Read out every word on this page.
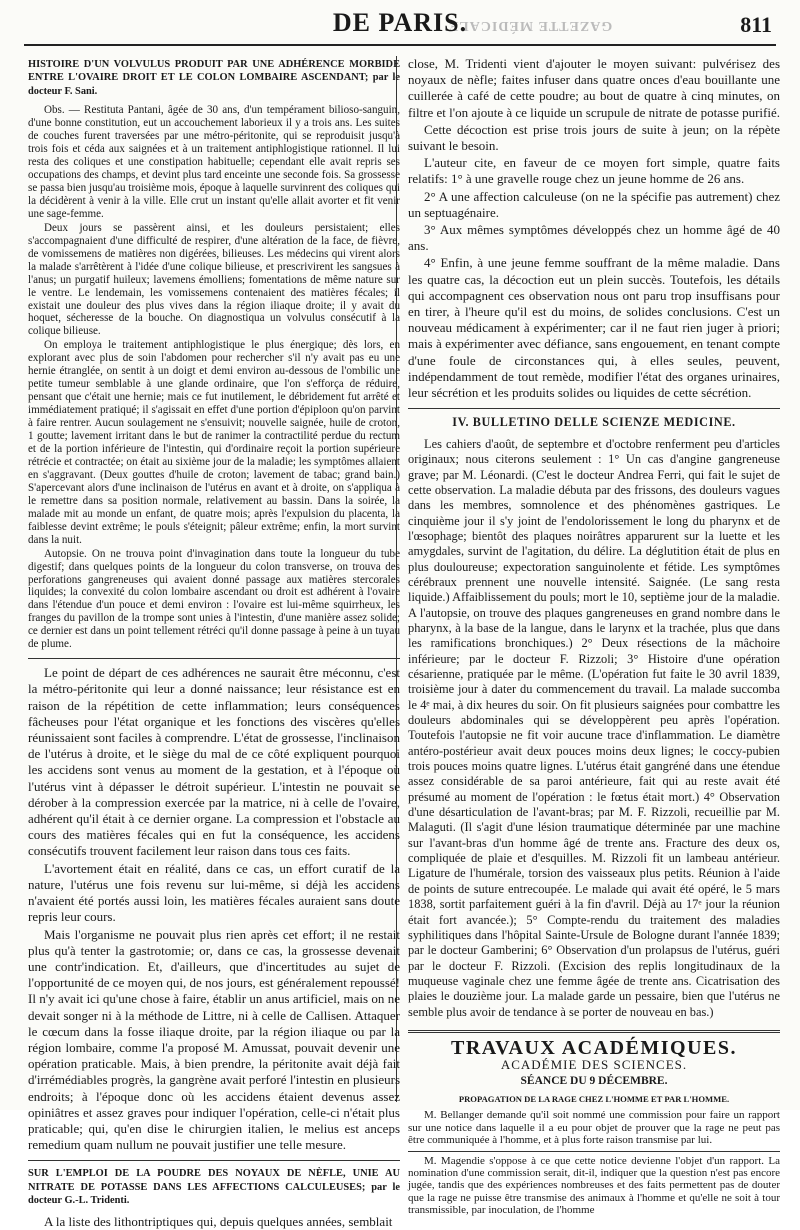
GAZETTE MÉDICALE
DE PARIS.	811
HISTOIRE D'UN VOLVULUS PRODUIT PAR UNE ADHÉRENCE MORBIDE ENTRE L'OVAIRE DROIT ET LE COLON LOMBAIRE ASCENDANT; par le docteur F. Sani.

Obs. — Restituta Pantani, âgée de 30 ans, d'un tempérament bilioso-sanguin, d'une bonne constitution, eut un accouchement laborieux il y a trois ans. Les suites de couches furent traversées par une métro-péritonite, qui se reproduisit jusqu'à trois fois et céda aux saignées et à un traitement antiphlogistique rationnel. Il lui resta des coliques et une constipation habituelle; cependant elle avait repris ses occupations des champs, et devint plus tard enceinte une seconde fois. Sa grossesse se passa bien jusqu'au troisième mois, époque à laquelle survinrent des coliques qui la décidèrent à venir à la ville. Elle crut un instant qu'elle allait avorter et fit venir une sage-femme.

Deux jours se passèrent ainsi, et les douleurs persistaient; elles s'accompagnaient d'une difficulté de respirer, d'une altération de la face, de fièvre, de vomissemens de matières non digérées, bilieuses. Les médecins qui virent alors la malade s'arrêtèrent à l'idée d'une colique bilieuse, et prescrivirent les sangsues à l'anus; un purgatif huileux; lavemens émolliens; fomentations de même nature sur le ventre. Le lendemain, les vomissemens contenaient des matières fécales; il existait une douleur des plus vives dans la région iliaque droite; il y avait du hoquet, sécheresse de la bouche. On diagnostiqua un volvulus consécutif à la colique bilieuse.

On employa le traitement antiphlogistique le plus énergique; dès lors, en explorant avec plus de soin l'abdomen pour rechercher s'il n'y avait pas eu une hernie étranglée, on sentit à un doigt et demi environ au-dessous de l'ombilic une petite tumeur semblable à une glande ordinaire, que l'on s'efforça de réduire, pensant que c'était une hernie; mais ce fut inutilement, le débridement fut arrêté et immédiatement pratiqué; il s'agissait en effet d'une portion d'épiploon qu'on parvint à faire rentrer. Aucun soulagement ne s'ensuivit; nouvelle saignée, huile de croton, 1 goutte; lavement irritant dans le but de ranimer la contractilité perdue du rectum et de la portion inférieure de l'intestin, qui d'ordinaire reçoit la portion supérieure rétrécie et contractée; on était au sixième jour de la maladie; les symptômes allaient en s'aggravant. (Deux gouttes d'huile de croton; lavement de tabac; grand bain.) S'apercevant alors d'une inclinaison de l'utérus en avant et à droite, on s'appliqua à le remettre dans sa position normale, relativement au bassin. Dans la soirée, la malade mit au monde un enfant, de quatre mois; après l'expulsion du placenta, la faiblesse devint extrême; le pouls s'éteignit; pâleur extrême; enfin, la mort survint dans la nuit.

Autopsie. On ne trouva point d'invagination dans toute la longueur du tube digestif; dans quelques points de la longueur du colon transverse, on trouva des perforations gangreneuses qui avaient donné passage aux matières stercorales liquides; la convexité du colon lombaire ascendant ou droit est adhérent à l'ovaire dans l'étendue d'un pouce et demi environ : l'ovaire est lui-même squirrheux, les franges du pavillon de la trompe sont unies à l'intestin, d'une manière assez solide; ce dernier est dans un point tellement rétréci qu'il donne passage à peine à un tuyau de plume.

Le point de départ de ces adhérences ne saurait être méconnu, c'est la métro-péritonite qui leur a donné naissance; leur résistance est en raison de la répétition de cette inflammation; leurs conséquences fâcheuses pour l'état organique et les fonctions des viscères qu'elles réunissaient sont faciles à comprendre. L'état de grossesse, l'inclinaison de l'utérus à droite, et le siège du mal de ce côté expliquent pourquoi les accidens sont venus au moment de la gestation, et à l'époque où l'utérus vint à dépasser le détroit supérieur. L'intestin ne pouvait se dérober à la compression exercée par la matrice, ni à celle de l'ovaire, adhérent qu'il était à ce dernier organe. La compression et l'obstacle au cours des matières fécales qui en fut la conséquence, les accidens consécutifs trouvent facilement leur raison dans tous ces faits.

L'avortement était en réalité, dans ce cas, un effort curatif de la nature, l'utérus une fois revenu sur lui-même, si déjà les accidens n'avaient été portés aussi loin, les matières fécales auraient sans doute repris leur cours.

Mais l'organisme ne pouvait plus rien après cet effort; il ne restait plus qu'à tenter la gastrotomie; or, dans ce cas, la grossesse devenait une contr'indication. Et, d'ailleurs, que d'incertitudes au sujet de l'opportunité de ce moyen qui, de nos jours, est généralement repoussé! Il n'y avait ici qu'une chose à faire, établir un anus artificiel, mais on ne devait songer ni à la méthode de Littre, ni à celle de Callisen. Attaquer le cœcum dans la fosse iliaque droite, par la région iliaque ou par la région lombaire, comme l'a proposé M. Amussat, pouvait devenir une opération praticable. Mais, à bien prendre, la péritonite avait déjà fait d'irrémédiables progrès, la gangrène avait perforé l'intestin en plusieurs endroits; à l'époque donc où les accidens étaient devenus assez opiniâtres et assez graves pour indiquer l'opération, celle-ci n'était plus praticable; qui, qu'en dise le chirurgien italien, le melius est anceps remedium quam nullum ne pouvait justifier une telle mesure.

SUR L'EMPLOI DE LA POUDRE DES NOYAUX DE NÈFLE, UNIE AU NITRATE DE POTASSE DANS LES AFFECTIONS CALCULEUSES; par le docteur G.-L. Tridenti.

A la liste des lithontriptiques qui, depuis quelques années, semblait

close, M. Tridenti vient d'ajouter le moyen suivant: pulvérisez des noyaux de nèfle; faites infuser dans quatre onces d'eau bouillante une cuillerée à café de cette poudre; au bout de quatre à cinq minutes, on filtre et l'on ajoute à ce liquide un scrupule de nitrate de potasse purifié.

Cette décoction est prise trois jours de suite à jeun; on la répète suivant le besoin.

L'auteur cite, en faveur de ce moyen fort simple, quatre faits relatifs: 1° à une gravelle rouge chez un jeune homme de 26 ans.

2° A une affection calculeuse (on ne la spécifie pas autrement) chez un septuagénaire.

3° Aux mêmes symptômes développés chez un homme âgé de 40 ans.

4° Enfin, à une jeune femme souffrant de la même maladie. Dans les quatre cas, la décoction eut un plein succès. Toutefois, les détails qui accompagnent ces observation nous ont paru trop insuffisans pour en tirer, à l'heure qu'il est du moins, de solides conclusions. C'est un nouveau médicament à expérimenter; car il ne faut rien juger à priori; mais à expérimenter avec défiance, sans engouement, en tenant compte d'une foule de circonstances qui, à elles seules, peuvent, indépendamment de tout remède, modifier l'état des organes urinaires, leur sécrétion et les produits solides ou liquides de cette sécrétion.

IV. BULLETINO DELLE SCIENZE MEDICINE.

Les cahiers d'août, de septembre et d'octobre renferment peu d'articles originaux; nous citerons seulement : 1° Un cas d'angine gangreneuse grave; par M. Léonardi. (C'est le docteur Andrea Ferri, qui fait le sujet de cette observation. La maladie débuta par des frissons, des douleurs vagues dans les membres, somnolence et des phénomènes gastriques. Le cinquième jour il s'y joint de l'endolorissement le long du pharynx et de l'œsophage; bientôt des plaques noirâtres apparurent sur la luette et les amygdales, survint de l'agitation, du délire. La déglutition était de plus en plus douloureuse; expectoration sanguinolente et fétide. Les symptômes cérébraux prennent une nouvelle intensité. Saignée. (Le sang resta liquide.) Affaiblissement du pouls; mort le 10, septième jour de la maladie. A l'autopsie, on trouve des plaques gangreneuses en grand nombre dans le pharynx, à la base de la langue, dans le larynx et la trachée, plus que dans les ramifications bronchiques.) 2° Deux résections de la mâchoire inférieure; par le docteur F. Rizzoli; 3° Histoire d'une opération césarienne, pratiquée par le même. (L'opération fut faite le 30 avril 1839, troisième jour à dater du commencement du travail. La malade succomba le 4ᵉ mai, à dix heures du soir. On fit plusieurs saignées pour combattre les douleurs abdominales qui se développèrent peu après l'opération. Toutefois l'autopsie ne fit voir aucune trace d'inflammation. Le diamètre antéro-postérieur avait deux pouces moins deux lignes; le coccy-pubien trois pouces moins quatre lignes. L'utérus était gangréné dans une étendue assez considérable de sa paroi antérieure, fait qui au reste avait été présumé au moment de l'opération : le fœtus était mort.) 4° Observation d'une désarticulation de l'avant-bras; par M. F. Rizzoli, recueillie par M. Malaguti. (Il s'agit d'une lésion traumatique déterminée par une machine sur l'avant-bras d'un homme âgé de trente ans. Fracture des deux os, compliquée de plaie et d'esquilles. M. Rizzoli fit un lambeau antérieur. Ligature de l'humérale, torsion des vaisseaux plus petits. Réunion à l'aide de points de suture entrecoupée. Le malade qui avait été opéré, le 5 mars 1838, sortit parfaitement guéri à la fin d'avril. Déjà au 17ᵉ jour la réunion était fort avancée.); 5° Compte-rendu du traitement des maladies syphilitiques dans l'hôpital Sainte-Ursule de Bologne durant l'année 1839; par le docteur Gamberini; 6° Observation d'un prolapsus de l'utérus, guéri par le docteur F. Rizzoli. (Excision des replis longitudinaux de la muqueuse vaginale chez une femme âgée de trente ans. Cicatrisation des plaies le douzième jour. La malade garde un pessaire, bien que l'utérus ne semble plus avoir de tendance à se porter de nouveau en bas.)

TRAVAUX ACADÉMIQUES.
ACADÉMIE DES SCIENCES.
SÉANCE DU 9 DÉCEMBRE.
PROPAGATION DE LA RAGE CHEZ L'HOMME ET PAR L'HOMME.

M. Bellanger demande qu'il soit nommé une commission pour faire un rapport sur une notice dans laquelle il a eu pour objet de prouver que la rage ne peut pas être communiquée à l'homme, et à plus forte raison transmise par lui.

M. Magendie s'oppose à ce que cette notice devienne l'objet d'un rapport. La nomination d'une commission serait, dit-il, indiquer que la question n'est pas encore jugée, tandis que des expériences nombreuses et des faits permettent pas de douter que la rage ne puisse être transmise des animaux à l'homme et qu'elle ne soit à tour transmissible, par inoculation, de l'homme
